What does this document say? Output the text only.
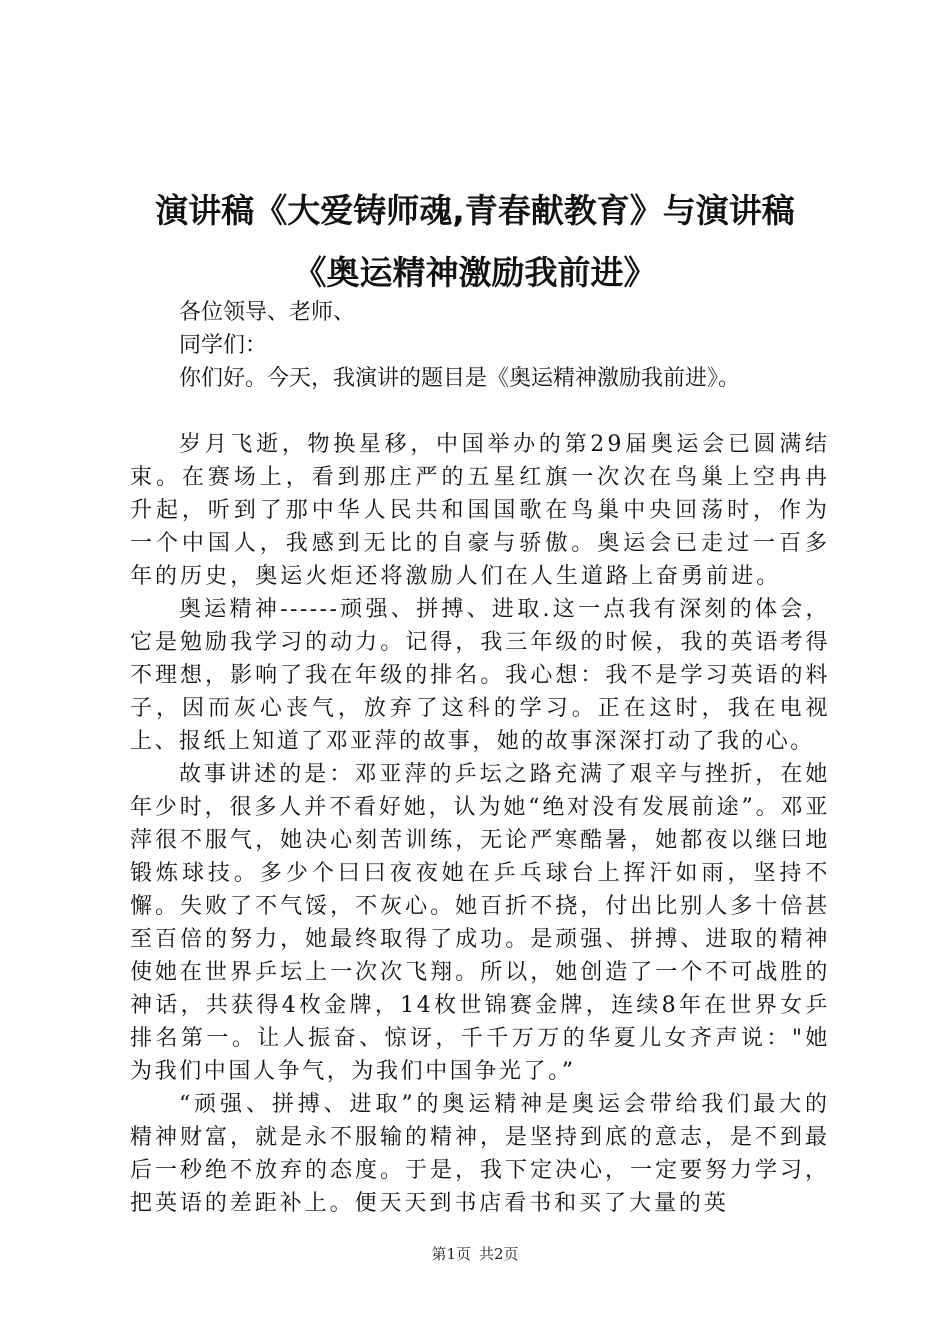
演讲稿《大爱铸师魂,青春献教育》与演讲稿
《奥运精神激励我前进》
各位领导、老师、
同学们：
你们好。今天，我演讲的题目是《奥运精神激励我前进》。
岁月飞逝，物换星移，中国举办的第29届奥运会已圆满结束。在赛场上，看到那庄严的五星红旗一次次在鸟巢上空冉冉升起，听到了那中华人民共和国国歌在鸟巢中央回荡时，作为一个中国人，我感到无比的自豪与骄傲。奥运会已走过一百多年的历史，奥运火炬还将激励人们在人生道路上奋勇前进。
奥运精神------顽强、拼搏、进取.这一点我有深刻的体会，它是勉励我学习的动力。记得，我三年级的时候，我的英语考得不理想，影响了我在年级的排名。我心想：我不是学习英语的料子，因而灰心丧气，放弃了这科的学习。正在这时，我在电视上、报纸上知道了邓亚萍的故事，她的故事深深打动了我的心。
故事讲述的是：邓亚萍的乒坛之路充满了艰辛与挫折，在她年少时，很多人并不看好她，认为她“绝对没有发展前途”。邓亚萍很不服气，她决心刻苦训练，无论严寒酷暑，她都夜以继曰地锻炼球技。多少个曰曰夜夜她在乒乓球台上挥汗如雨，坚持不懈。失败了不气馁，不灰心。她百折不挠，付出比别人多十倍甚至百倍的努力，她最终取得了成功。是顽强、拼搏、进取的精神使她在世界乒坛上一次次飞翔。所以，她创造了一个不可战胜的神话，共获得4枚金牌，14枚世锦赛金牌，连续8年在世界女乒排名第一。让人振奋、惊讶，千千万万的华夏儿女齐声说："她为我们中国人争气，为我们中国争光了。”
“顽强、拼搏、进取”的奥运精神是奥运会带给我们最大的精神财富，就是永不服输的精神，是坚持到底的意志，是不到最后一秒绝不放弃的态度。于是，我下定决心，一定要努力学习，把英语的差距补上。便天天到书店看书和买了大量的英
第1页 共2页
